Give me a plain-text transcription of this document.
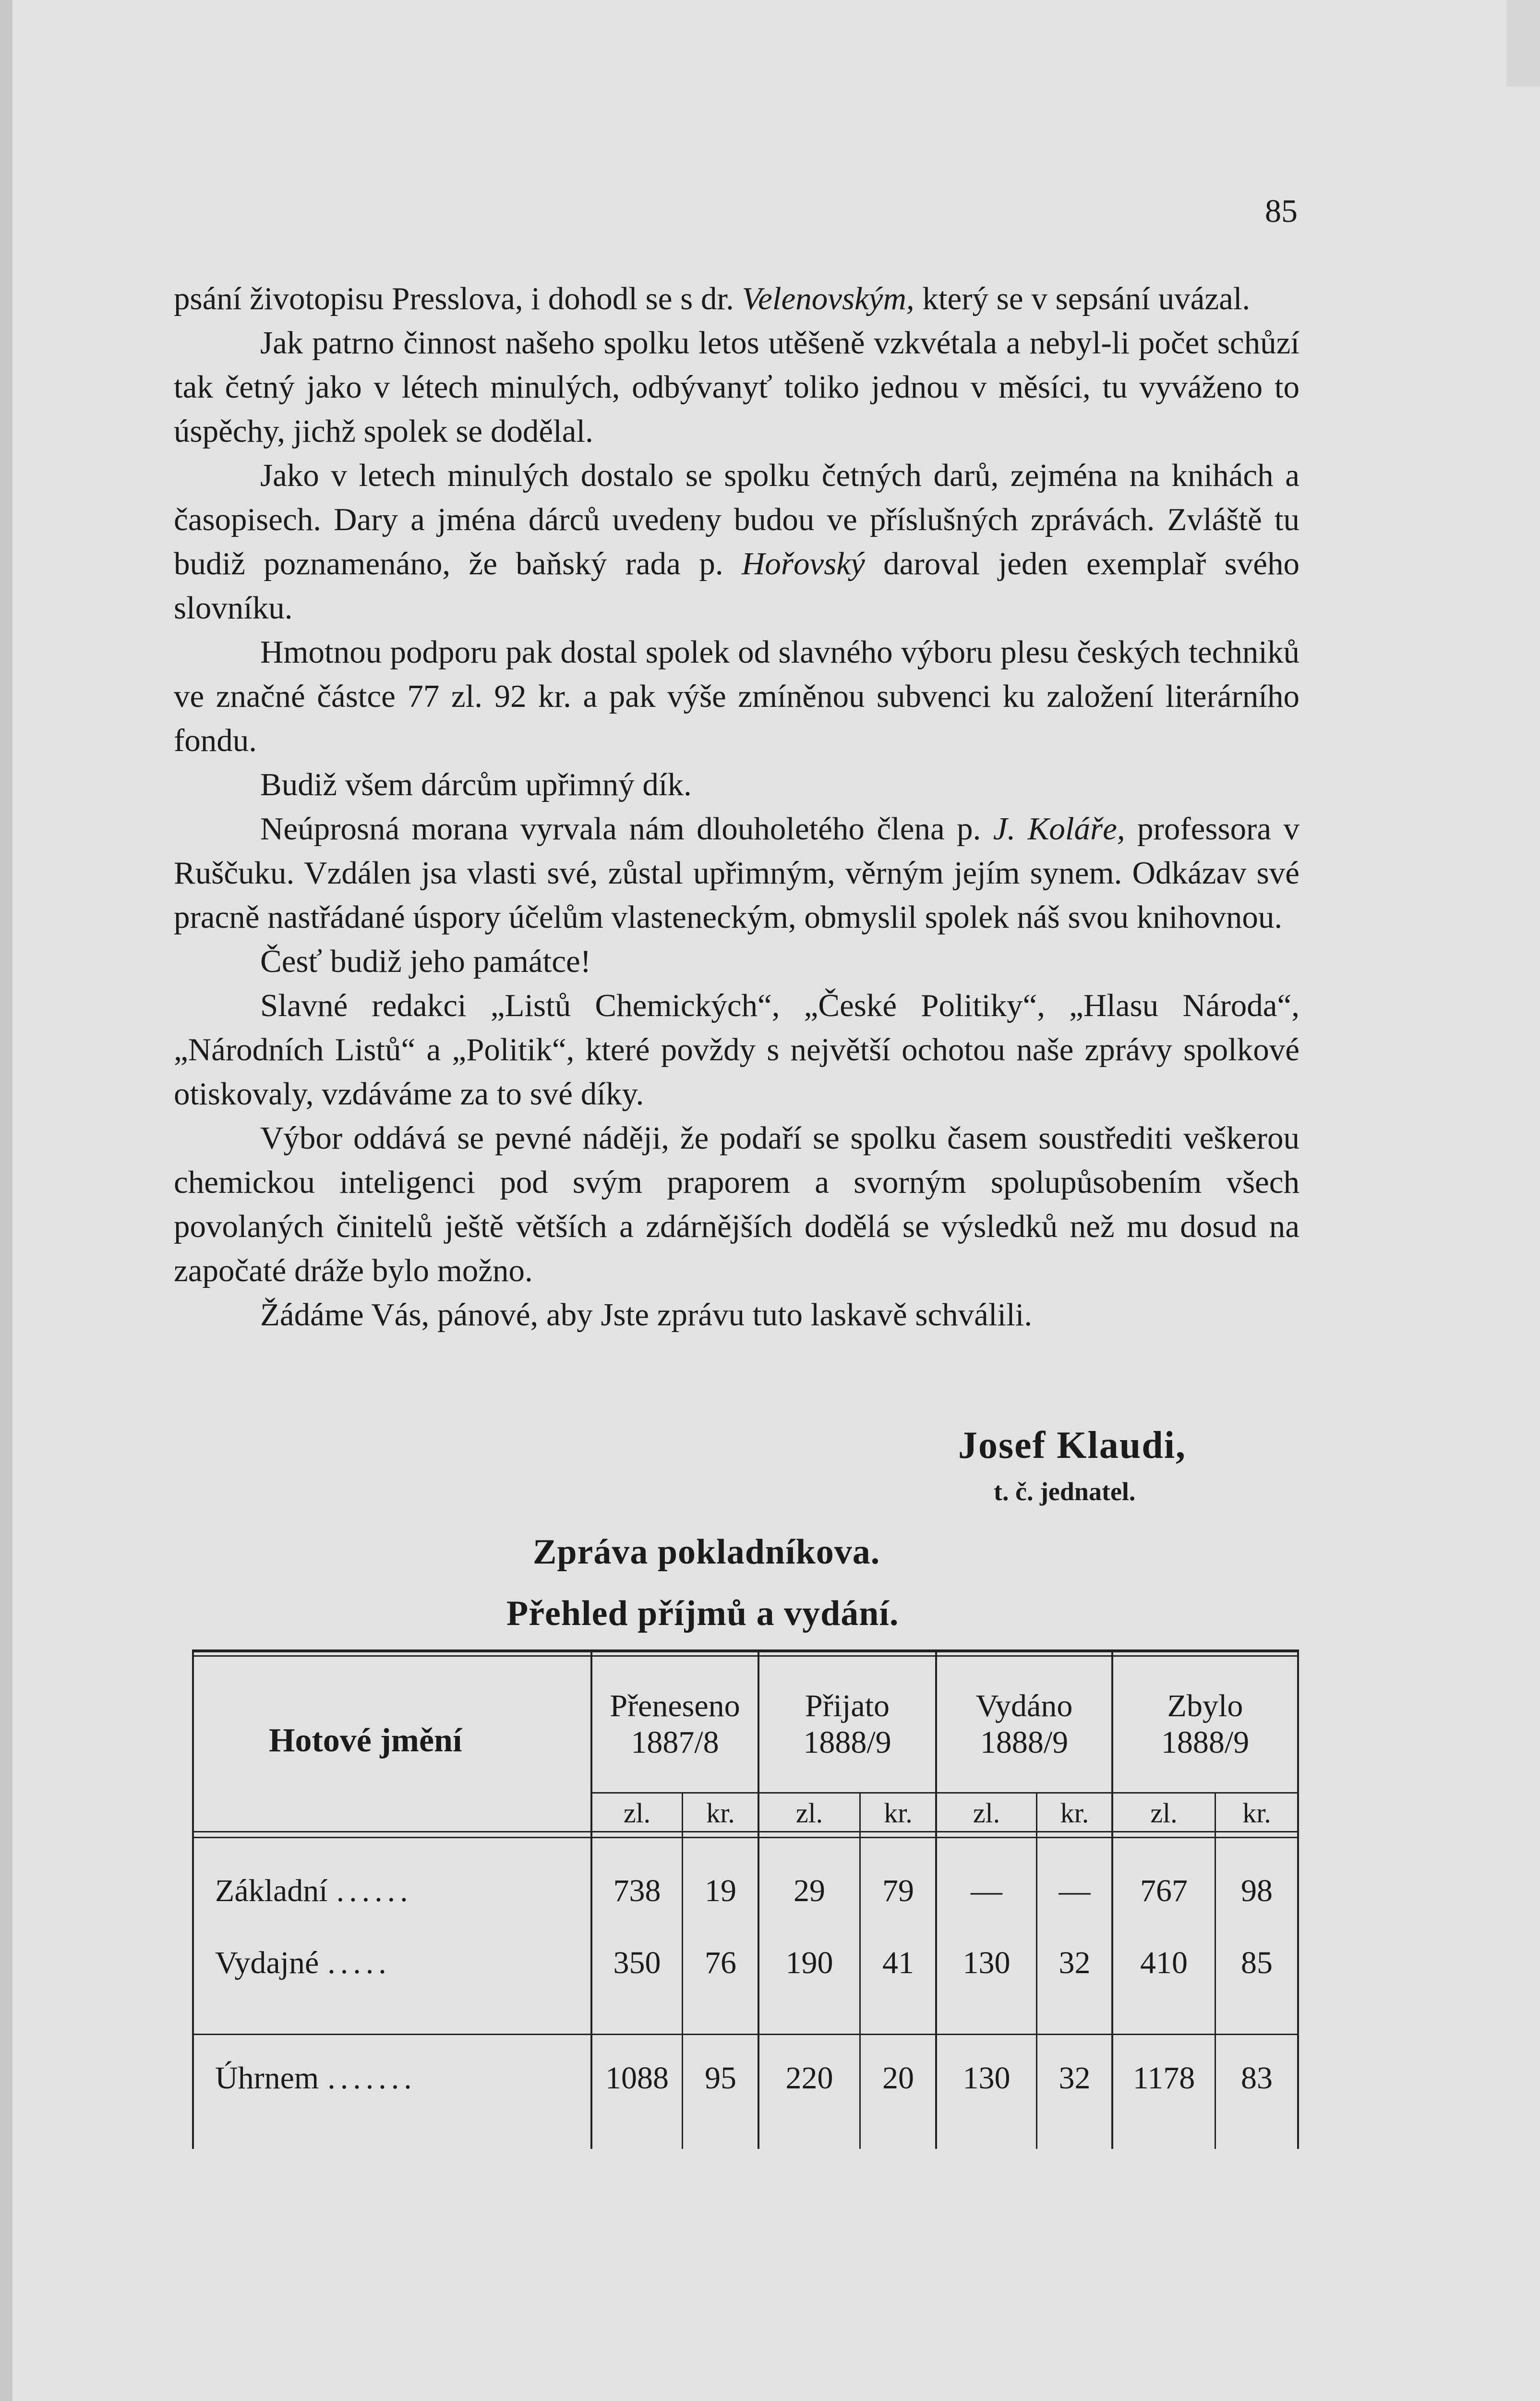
85

psání životopisu Presslova, i dohodl se s dr. Velenovským, který se v sepsání uvázal.

Jak patrno činnost našeho spolku letos utěšeně vzkvétala a nebyl-li počet schůzí tak četný jako v létech minulých, odbývanyť toliko jednou v měsíci, tu vyváženo to úspěchy, jichž spolek se dodělal.

Jako v letech minulých dostalo se spolku četných darů, zejména na knihách a časopisech. Dary a jména dárců uvedeny budou ve příslušných zprávách. Zvláště tu budiž poznamenáno, že baňský rada p. Hořovský daroval jeden exemplař svého slovníku.

Hmotnou podporu pak dostal spolek od slavného výboru plesu českých techniků ve značné částce 77 zl. 92 kr. a pak výše zmíněnou subvenci ku založení literárního fondu.

Budiž všem dárcům upřimný dík.

Neúprosná morana vyrvala nám dlouholetého člena p. J. Koláře, professora v Ruščuku. Vzdálen jsa vlasti své, zůstal upřimným, věrným jejím synem. Odkázav své pracně nastřádané úspory účelům vlasteneckým, obmyslil spolek náš svou knihovnou.

Česť budiž jeho památce!

Slavné redakci „Listů Chemických“, „České Politiky“, „Hlasu Národa“, „Národních Listů“ a „Politik“, které povždy s největší ochotou naše zprávy spolkové otiskovaly, vzdáváme za to své díky.

Výbor oddává se pevné náději, že podaří se spolku časem soustřediti veškerou chemickou inteligenci pod svým praporem a svorným spolupůsobením všech povolaných činitelů ještě větších a zdárnějších dodělá se výsledků než mu dosud na započaté dráže bylo možno.

Žádáme Vás, pánové, aby Jste zprávu tuto laskavě schválili.

Josef Klaudi,
t. č. jednatel.
Zpráva pokladníkova.
Přehled příjmů a vydání.
Hotové jmění
Přeneseno
1887/8
Přijato
1888/9
Vydáno
1888/9
Zbylo
1888/9
zl.	kr.	zl.	kr.	zl.	kr.	zl.	kr.
Základní ......	738	19	29	79	—	—	767	98
Vydajné .....	350	76	190	41	130	32	410	85
Úhrnem .......	1088	95	220	20	130	32	1178	83
